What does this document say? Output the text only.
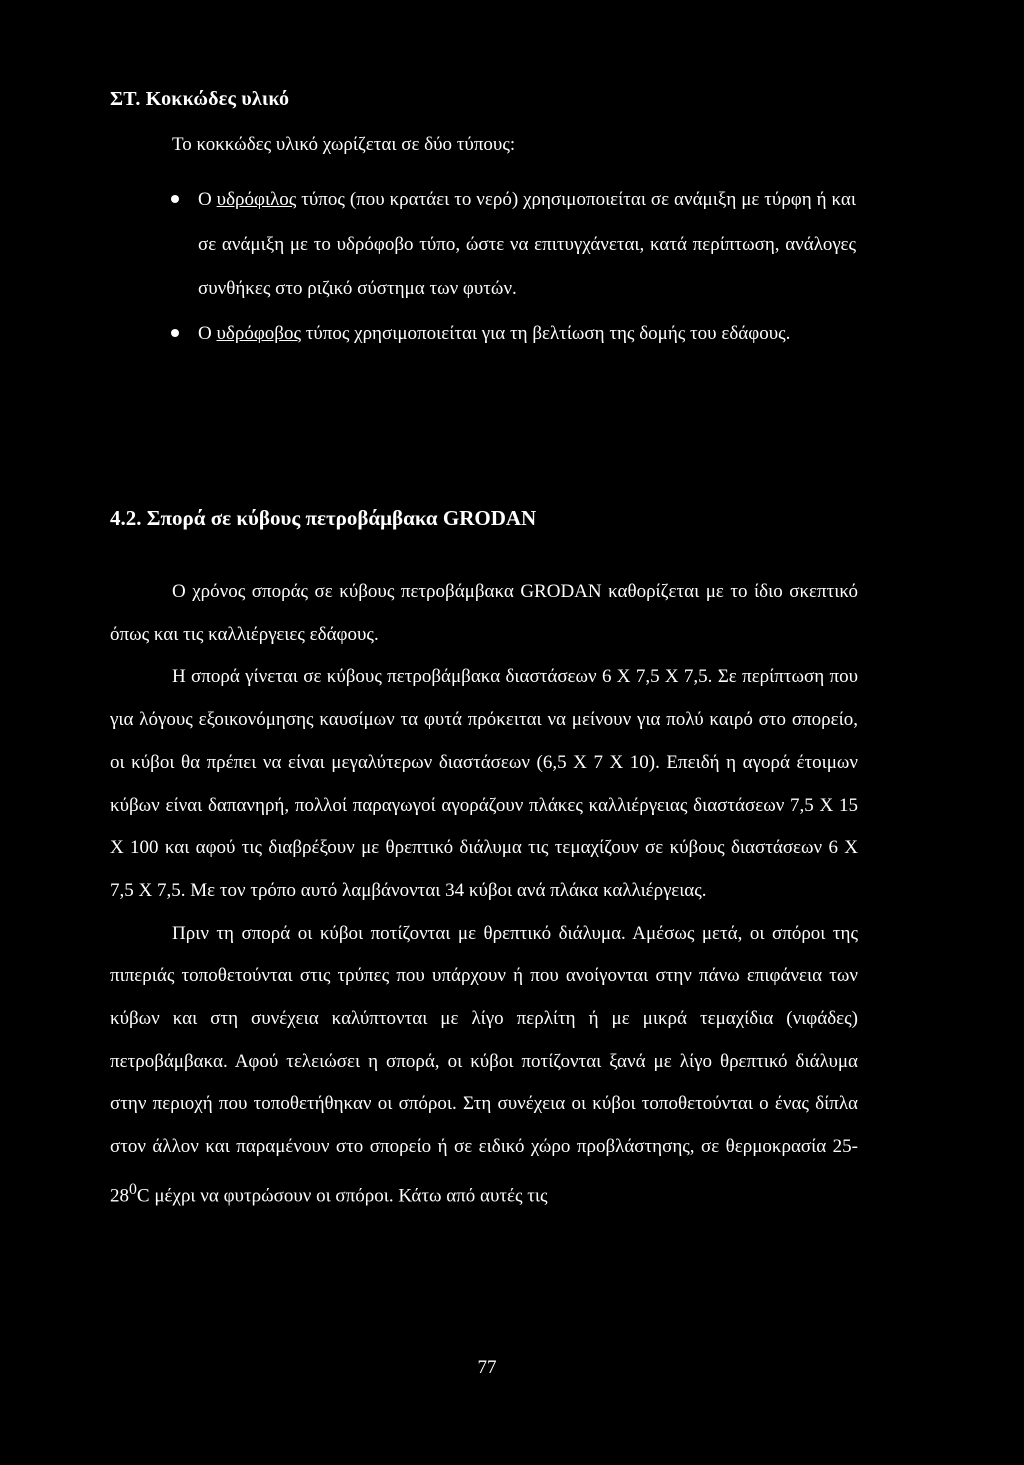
ΣΤ. Κοκκώδες υλικό
Το κοκκώδες υλικό χωρίζεται σε δύο τύπους:
Ο υδρόφιλος τύπος (που κρατάει το νερό) χρησιμοποιείται σε ανάμιξη με τύρφη ή και σε ανάμιξη με το υδρόφοβο τύπο, ώστε να επιτυγχάνεται, κατά περίπτωση, ανάλογες συνθήκες στο ριζικό σύστημα των φυτών.
Ο υδρόφοβος τύπος χρησιμοποιείται για τη βελτίωση της δομής του εδάφους.
4.2. Σπορά σε κύβους πετροβάμβακα GRODAN

Ο χρόνος σποράς σε κύβους πετροβάμβακα GRODAN καθορίζεται με το ίδιο σκεπτικό όπως και τις καλλιέργειες εδάφους.

Η σπορά γίνεται σε κύβους πετροβάμβακα διαστάσεων 6 Χ 7,5 Χ 7,5. Σε περίπτωση που για λόγους εξοικονόμησης καυσίμων τα φυτά πρόκειται να μείνουν για πολύ καιρό στο σπορείο, οι κύβοι θα πρέπει να είναι μεγαλύτερων διαστάσεων (6,5 Χ 7 Χ 10). Επειδή η αγορά έτοιμων κύβων είναι δαπανηρή, πολλοί παραγωγοί αγοράζουν πλάκες καλλιέργειας διαστάσεων 7,5 Χ 15 Χ 100 και αφού τις διαβρέξουν με θρεπτικό διάλυμα τις τεμαχίζουν σε κύβους διαστάσεων 6 Χ 7,5 Χ 7,5. Με τον τρόπο αυτό λαμβάνονται 34 κύβοι ανά πλάκα καλλιέργειας.

Πριν τη σπορά οι κύβοι ποτίζονται με θρεπτικό διάλυμα. Αμέσως μετά, οι σπόροι της πιπεριάς τοποθετούνται στις τρύπες που υπάρχουν ή που ανοίγονται στην πάνω επιφάνεια των κύβων και στη συνέχεια καλύπτονται με λίγο περλίτη ή με μικρά τεμαχίδια (νιφάδες) πετροβάμβακα. Αφού τελειώσει η σπορά, οι κύβοι ποτίζονται ξανά με λίγο θρεπτικό διάλυμα στην περιοχή που τοποθετήθηκαν οι σπόροι. Στη συνέχεια οι κύβοι τοποθετούνται ο ένας δίπλα στον άλλον και παραμένουν στο σπορείο ή σε ειδικό χώρο προβλάστησης, σε θερμοκρασία $25-28^0C$ μέχρι να φυτρώσουν οι σπόροι. Κάτω από αυτές τις

77
